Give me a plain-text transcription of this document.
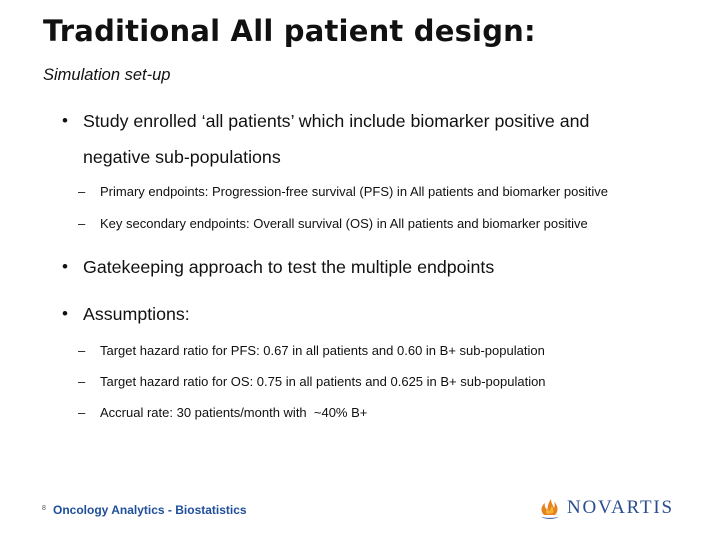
Traditional All patient design:
Simulation set-up
• Study enrolled ‘all patients’ which include biomarker positive and
negative sub-populations
– Primary endpoints: Progression-free survival (PFS) in All patients and biomarker positive
– Key secondary endpoints: Overall survival (OS) in All patients and biomarker positive
• Gatekeeping approach to test the multiple endpoints
• Assumptions:
– Target hazard ratio for PFS: 0.67 in all patients and 0.60 in B+ sub-population
– Target hazard ratio for OS: 0.75 in all patients and 0.625 in B+ sub-population
– Accrual rate: 30 patients/month with  ~40% B+
8 Oncology Analytics - Biostatistics	NOVARTIS
